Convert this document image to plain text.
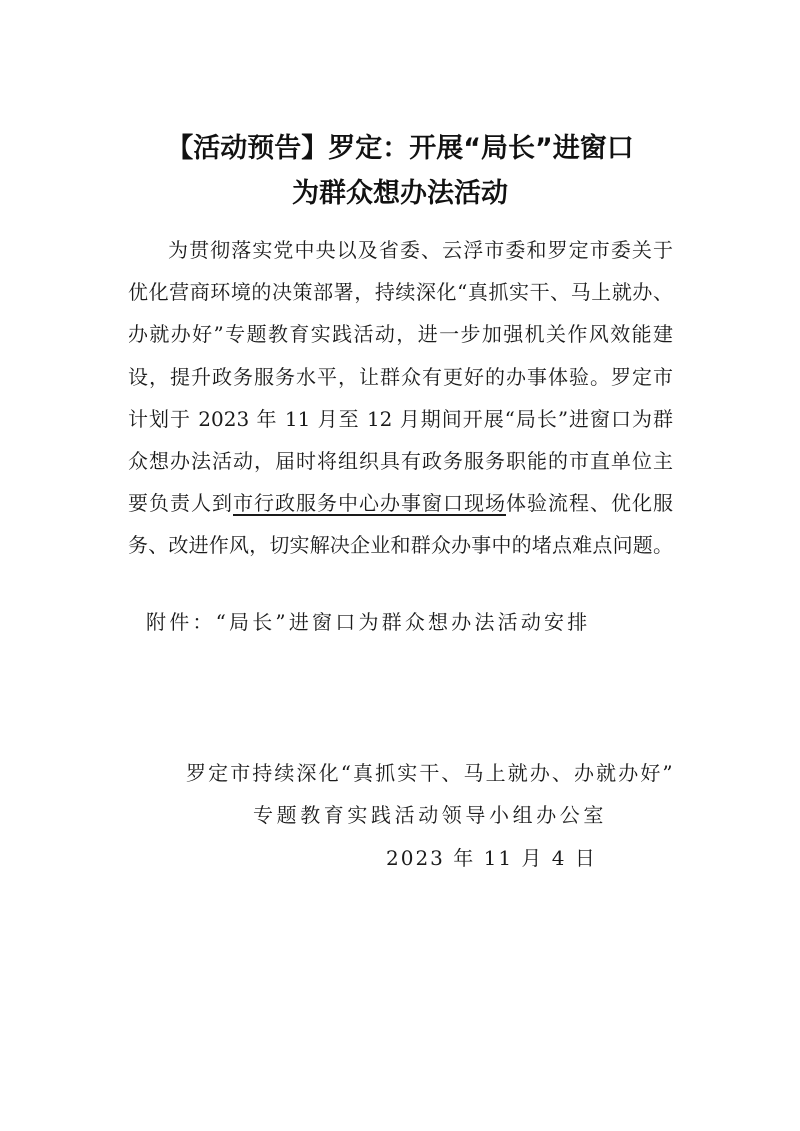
【活动预告】罗定：开展“局长”进窗口
为群众想办法活动
为贯彻落实党中央以及省委、云浮市委和罗定市委关于
优化营商环境的决策部署，持续深化“真抓实干、马上就办、
办就办好”专题教育实践活动，进一步加强机关作风效能建
设，提升政务服务水平，让群众有更好的办事体验。罗定市
计划于 2023 年 11 月至 12 月期间开展“局长”进窗口为群
众想办法活动，届时将组织具有政务服务职能的市直单位主
要负责人到市行政服务中心办事窗口现场体验流程、优化服
务、改进作风，切实解决企业和群众办事中的堵点难点问题。
附件：“局长”进窗口为群众想办法活动安排
罗定市持续深化“真抓实干、马上就办、办就办好”
专题教育实践活动领导小组办公室
2023 年 11 月 4 日
